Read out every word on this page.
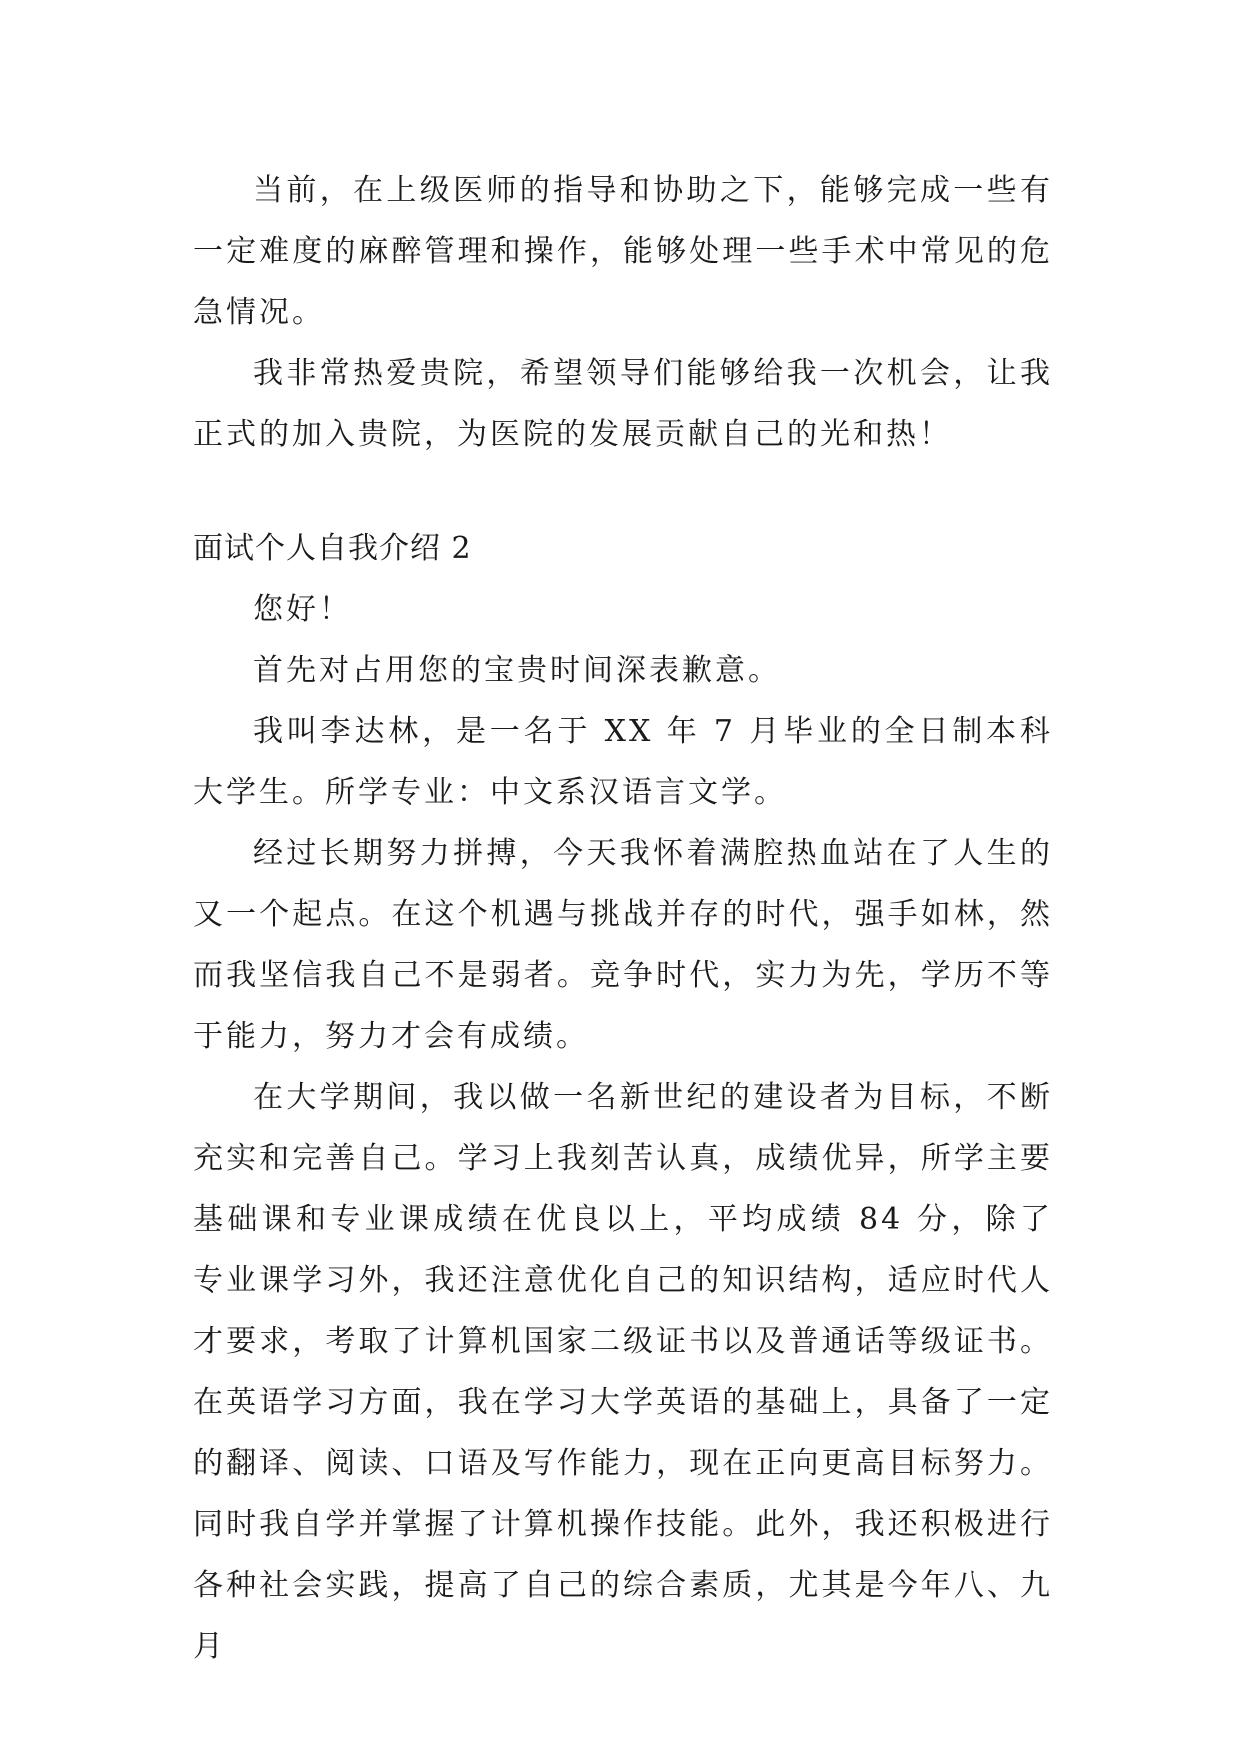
当前，在上级医师的指导和协助之下，能够完成一些有一定难度的麻醉管理和操作，能够处理一些手术中常见的危急情况。

我非常热爱贵院，希望领导们能够给我一次机会，让我正式的加入贵院，为医院的发展贡献自己的光和热！

面试个人自我介绍 2

您好！

首先对占用您的宝贵时间深表歉意。

我叫李达林，是一名于 XX 年 7 月毕业的全日制本科大学生。所学专业：中文系汉语言文学。

经过长期努力拼搏，今天我怀着满腔热血站在了人生的又一个起点。在这个机遇与挑战并存的时代，强手如林，然而我坚信我自己不是弱者。竞争时代，实力为先，学历不等于能力，努力才会有成绩。

在大学期间，我以做一名新世纪的建设者为目标，不断充实和完善自己。学习上我刻苦认真，成绩优异，所学主要基础课和专业课成绩在优良以上，平均成绩 84 分，除了专业课学习外，我还注意优化自己的知识结构，适应时代人才要求，考取了计算机国家二级证书以及普通话等级证书。在英语学习方面，我在学习大学英语的基础上，具备了一定的翻译、阅读、口语及写作能力，现在正向更高目标努力。同时我自学并掌握了计算机操作技能。此外，我还积极进行各种社会实践，提高了自己的综合素质，尤其是今年八、九月
